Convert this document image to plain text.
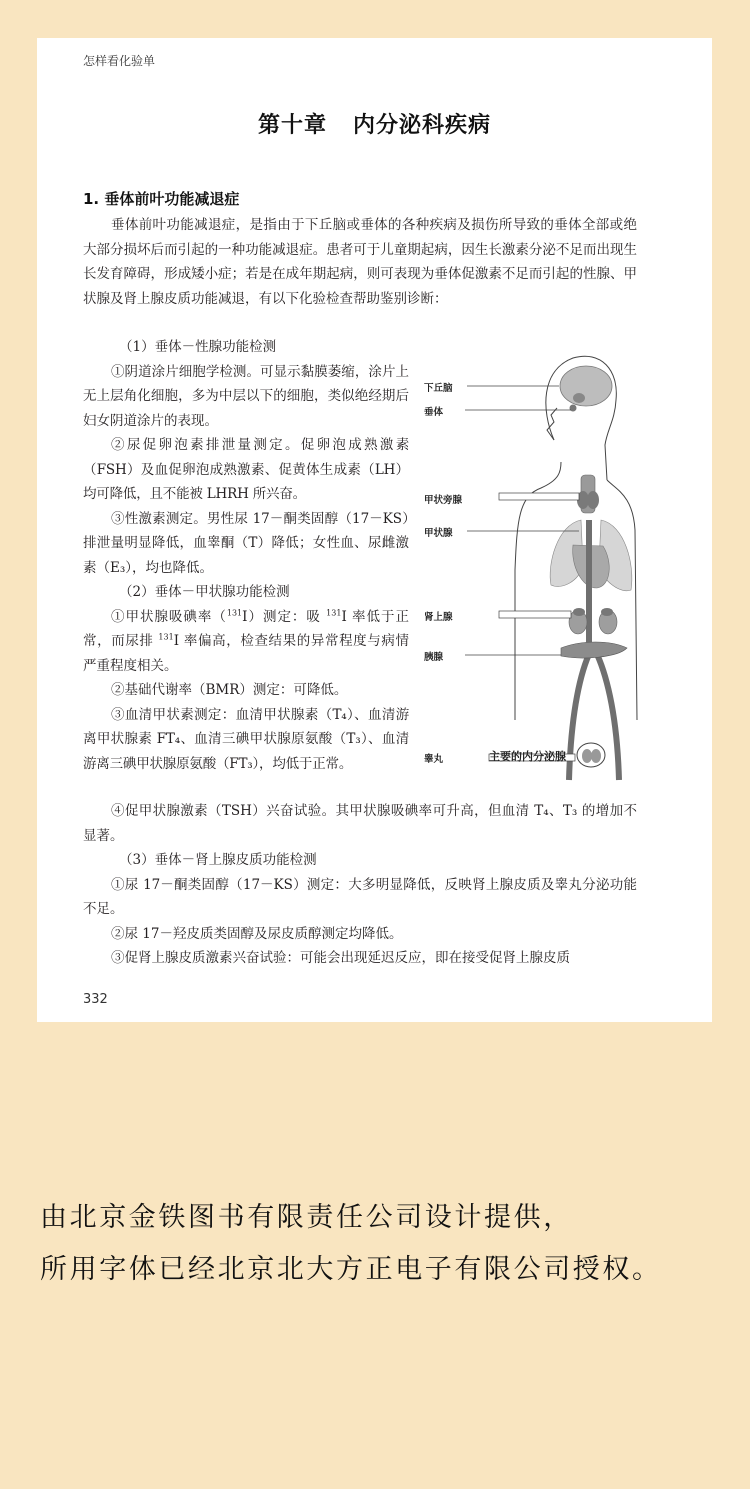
怎样看化验单
第十章 内分泌科疾病
1. 垂体前叶功能减退症

垂体前叶功能减退症，是指由于下丘脑或垂体的各种疾病及损伤所导致的垂体全部或绝大部分损坏后而引起的一种功能减退症。患者可于儿童期起病，因生长激素分泌不足而出现生长发育障碍，形成矮小症；若是在成年期起病，则可表现为垂体促激素不足而引起的性腺、甲状腺及肾上腺皮质功能减退，有以下化验检查帮助鉴别诊断：

（1）垂体－性腺功能检测

①阴道涂片细胞学检测。可显示黏膜萎缩，涂片上无上层角化细胞，多为中层以下的细胞，类似绝经期后妇女阴道涂片的表现。

②尿促卵泡素排泄量测定。促卵泡成熟激素（FSH）及血促卵泡成熟激素、促黄体生成素（LH）均可降低，且不能被 LHRH 所兴奋。

③性激素测定。男性尿 17－酮类固醇（17－KS）排泄量明显降低，血睾酮（T）降低；女性血、尿雌激素（E₃），均也降低。

（2）垂体－甲状腺功能检测

①甲状腺吸碘率（$^{131}$I）测定：吸 $^{131}$I 率低于正常，而尿排 $^{131}$I 率偏高，检查结果的异常程度与病情严重程度相关。

②基础代谢率（BMR）测定：可降低。

③血清甲状素测定：血清甲状腺素（T₄）、血清游离甲状腺素 FT₄、血清三碘甲状腺原氨酸（T₃）、血清游离三碘甲状腺原氨酸（FT₃），均低于正常。

④促甲状腺激素（TSH）兴奋试验。其甲状腺吸碘率可升高，但血清 T₄、T₃ 的增加不显著。

（3）垂体－肾上腺皮质功能检测

①尿 17－酮类固醇（17－KS）测定：大多明显降低，反映肾上腺皮质及睾丸分泌功能不足。

②尿 17－羟皮质类固醇及尿皮质醇测定均降低。

③促肾上腺皮质激素兴奋试验：可能会出现延迟反应，即在接受促肾上腺皮质

下丘脑
垂体
甲状旁腺
甲状腺
肾上腺
胰腺
睾丸	主要的内分泌腺
332
由北京金铁图书有限责任公司设计提供，
所用字体已经北京北大方正电子有限公司授权。
